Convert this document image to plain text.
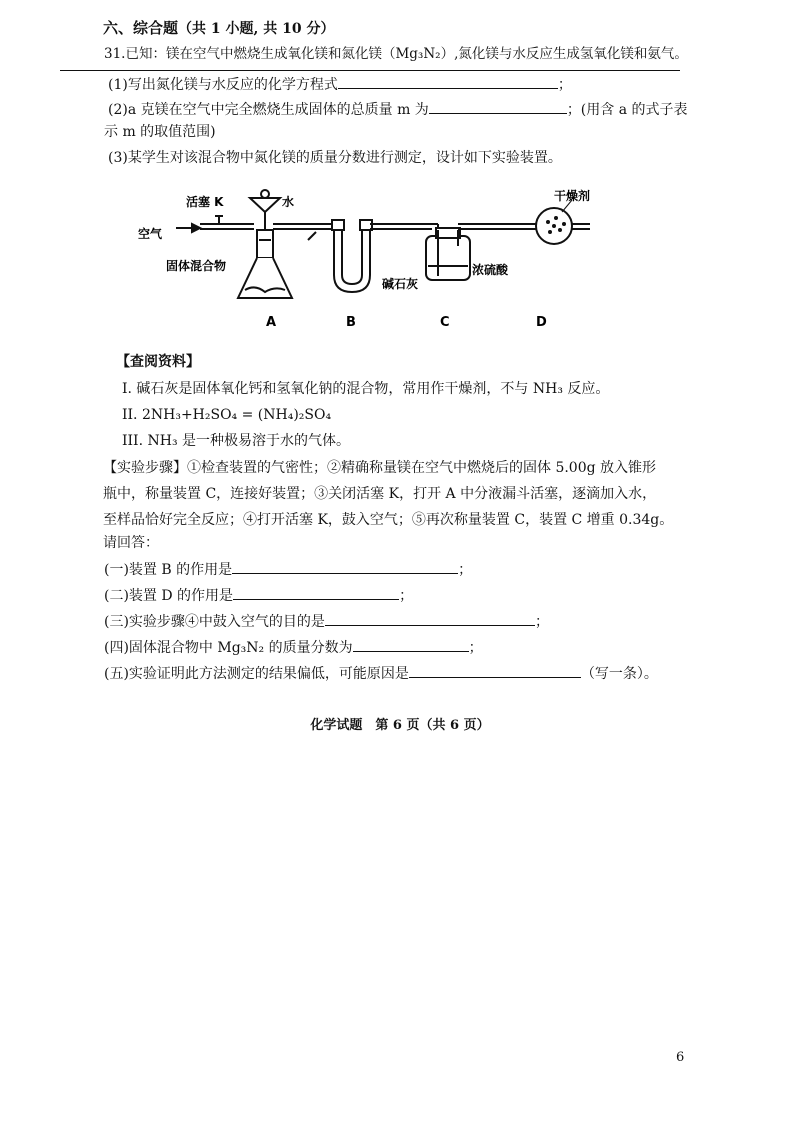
六、综合题（共 1 小题, 共 10 分）
31.已知：镁在空气中燃烧生成氧化镁和氮化镁（Mg₃N₂）,氮化镁与水反应生成氢氧化镁和氨气。
(1)写出氮化镁与水反应的化学方程式	；
(2)a 克镁在空气中完全燃烧生成固体的总质量 m 为	；(用含 a 的式子表
示 m 的取值范围)
(3)某学生对该混合物中氮化镁的质量分数进行测定，设计如下实验装置。
活塞 K	水
空气
固体混合物
碱石灰
浓硫酸
干燥剂
A	B	C	D
【查阅资料】
I. 碱石灰是固体氧化钙和氢氧化钠的混合物，常用作干燥剂，不与 NH₃ 反应。
II. 2NH₃+H₂SO₄ = (NH₄)₂SO₄
III. NH₃ 是一种极易溶于水的气体。
【实验步骤】①检查装置的气密性；②精确称量镁在空气中燃烧后的固体 5.00g 放入锥形
瓶中，称量装置 C，连接好装置；③关闭活塞 K，打开 A 中分液漏斗活塞，逐滴加入水，
至样品恰好完全反应；④打开活塞 K，鼓入空气；⑤再次称量装置 C，装置 C 增重 0.34g。
请回答：
(一)装置 B 的作用是	；
(二)装置 D 的作用是	；
(三)实验步骤④中鼓入空气的目的是	；
(四)固体混合物中 Mg₃N₂ 的质量分数为	；
(五)实验证明此方法测定的结果偏低，可能原因是	（写一条）。
化学试题　第 6 页（共 6 页）
6
